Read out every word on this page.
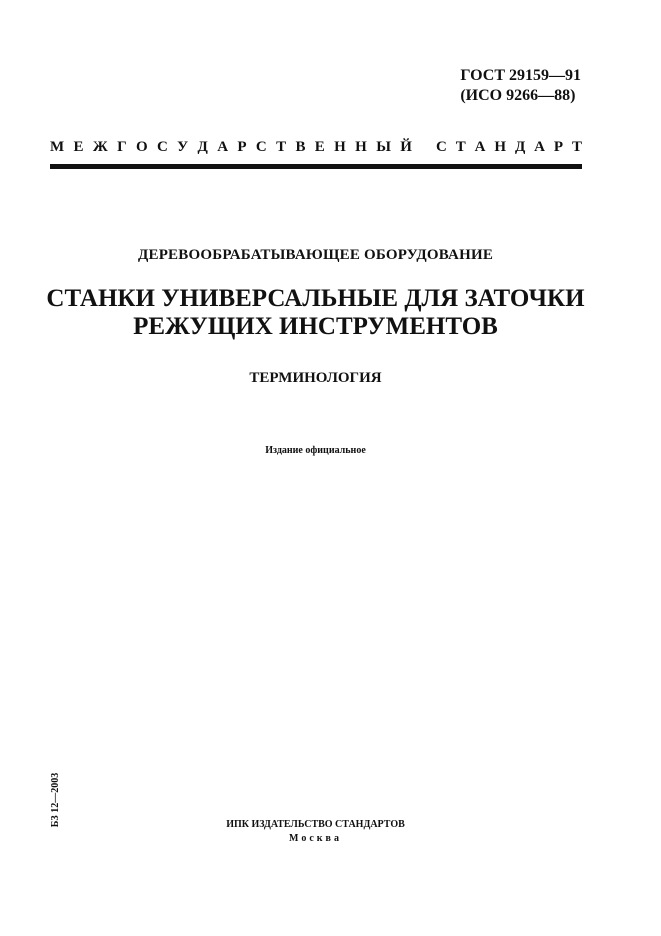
ГОСТ 29159—91
(ИСО 9266—88)
М Е Ж Г О С У Д А Р С Т В Е Н Н Ы Й С Т А Н Д А Р Т
ДЕРЕВООБРАБАТЫВАЮЩЕЕ ОБОРУДОВАНИЕ
СТАНКИ УНИВЕРСАЛЬНЫЕ ДЛЯ ЗАТОЧКИ
РЕЖУЩИХ ИНСТРУМЕНТОВ
ТЕРМИНОЛОГИЯ
Издание официальное
БЗ 12—2003	ИПК ИЗДАТЕЛЬСТВО СТАНДАРТОВ
Москва
